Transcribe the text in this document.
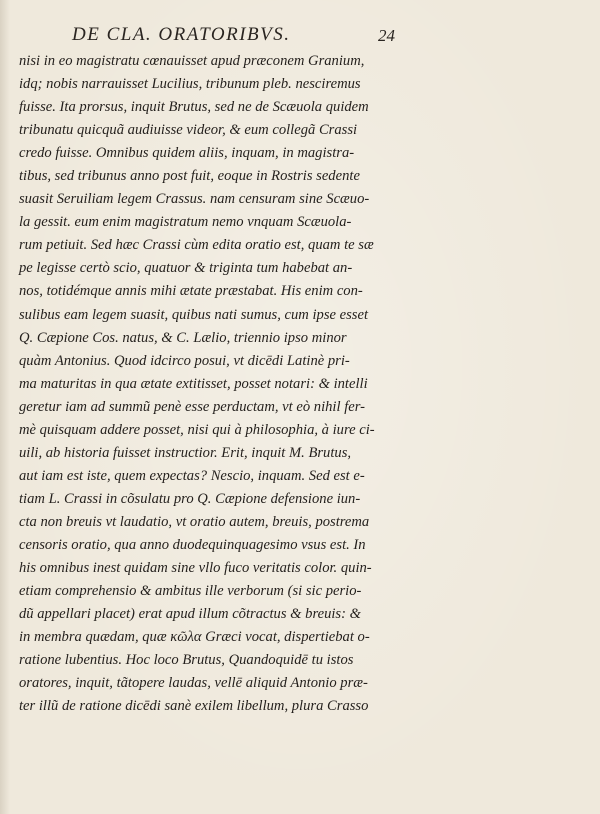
DE CLA. ORATORIBVS.	24
nisi in eo magistratu cœnauisset apud præconem Granium,
idq; nobis narrauisset Lucilius, tribunum pleb. nesciremus
fuisse. Ita prorsus, inquit Brutus, sed ne de Scæuola quidem
tribunatu quicquã audiuisse videor, & eum collegã Crassi
credo fuisse. Omnibus quidem aliis, inquam, in magistra-
tibus, sed tribunus anno post fuit, eoque in Rostris sedente
suasit Seruiliam legem Crassus. nam censuram sine Scæuo-
la gessit. eum enim magistratum nemo vnquam Scæuola-
rum petiuit. Sed hæc Crassi cùm edita oratio est, quam te sæ
pe legisse certò scio, quatuor & triginta tum habebat an-
nos, totidémque annis mihi ætate præstabat. His enim con-
sulibus eam legem suasit, quibus nati sumus, cum ipse esset
Q. Cæpione Cos. natus, & C. Lælio, triennio ipso minor
quàm Antonius. Quod idcirco posui, vt dicēdi Latinè pri-
ma maturitas in qua ætate extitisset, posset notari: & intelli
geretur iam ad summũ penè esse perductam, vt eò nihil fer-
mè quisquam addere posset, nisi qui à philosophia, à iure ci-
uili, ab historia fuisset instructior. Erit, inquit M. Brutus,
aut iam est iste, quem expectas? Nescio, inquam. Sed est e-
tiam L. Crassi in cõsulatu pro Q. Cæpione defensione iun-
cta non breuis vt laudatio, vt oratio autem, breuis, postrema
censoris oratio, qua anno duodequinquagesimo vsus est. In
his omnibus inest quidam sine vllo fuco veritatis color. quin-
etiam comprehensio & ambitus ille verborum (si sic perio-
dũ appellari placet) erat apud illum cõtractus & breuis: &
in membra quædam, quæ κῶλα Græci vocat, dispertiebat o-
ratione lubentius. Hoc loco Brutus, Quandoquidē tu istos
oratores, inquit, tãtopere laudas, vellē aliquid Antonio præ-
ter illũ de ratione dicēdi sanè exilem libellum, plura Crasso
